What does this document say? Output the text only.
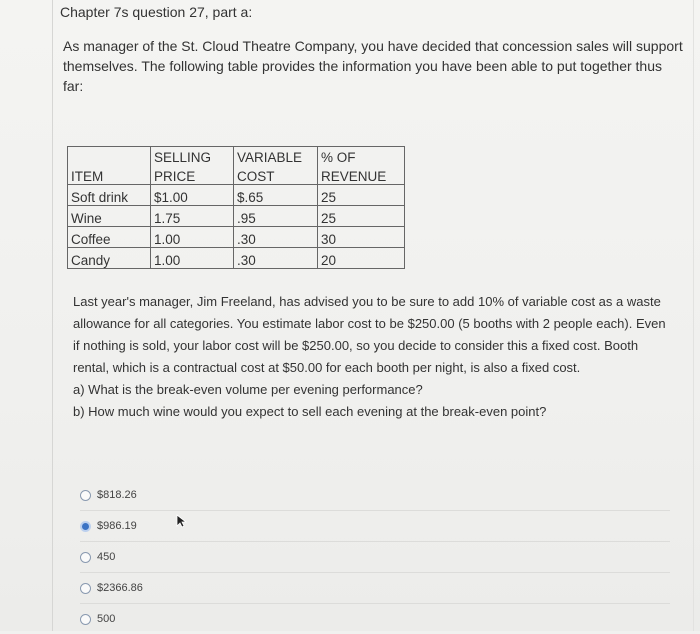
Chapter 7s question 27, part a:
As manager of the St. Cloud Theatre Company, you have decided that concession sales will support themselves. The following table provides the information you have been able to put together thus far:
	SELLING	VARIABLE	% OF
ITEM	PRICE	COST	REVENUE
Soft drink	$1.00	$.65	25
Wine	1.75	.95	25
Coffee	1.00	.30	30
Candy	1.00	.30	20

Last year's manager, Jim Freeland, has advised you to be sure to add 10% of variable cost as a waste allowance for all categories. You estimate labor cost to be $250.00 (5 booths with 2 people each). Even if nothing is sold, your labor cost will be $250.00, so you decide to consider this a fixed cost. Booth rental, which is a contractual cost at $50.00 for each booth per night, is also a fixed cost.

a) What is the break-even volume per evening performance?

b) How much wine would you expect to sell each evening at the break-even point?

$818.26
$986.19
450
$2366.86
500
